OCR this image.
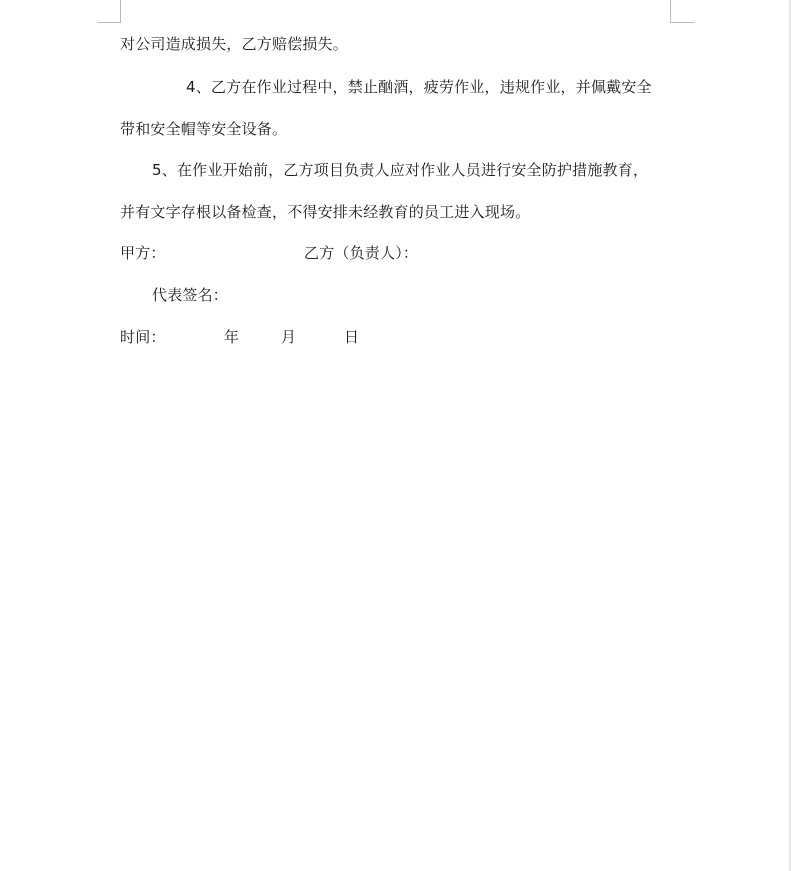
对公司造成损失，乙方赔偿损失。
4、乙方在作业过程中，禁止酗酒，疲劳作业，违规作业，并佩戴安全
带和安全帽等安全设备。
5、在作业开始前，乙方项目负责人应对作业人员进行安全防护措施教育，
并有文字存根以备检查，不得安排未经教育的员工进入现场。
甲方：	乙方（负责人）：
代表签名：
时间：	年	月	日
